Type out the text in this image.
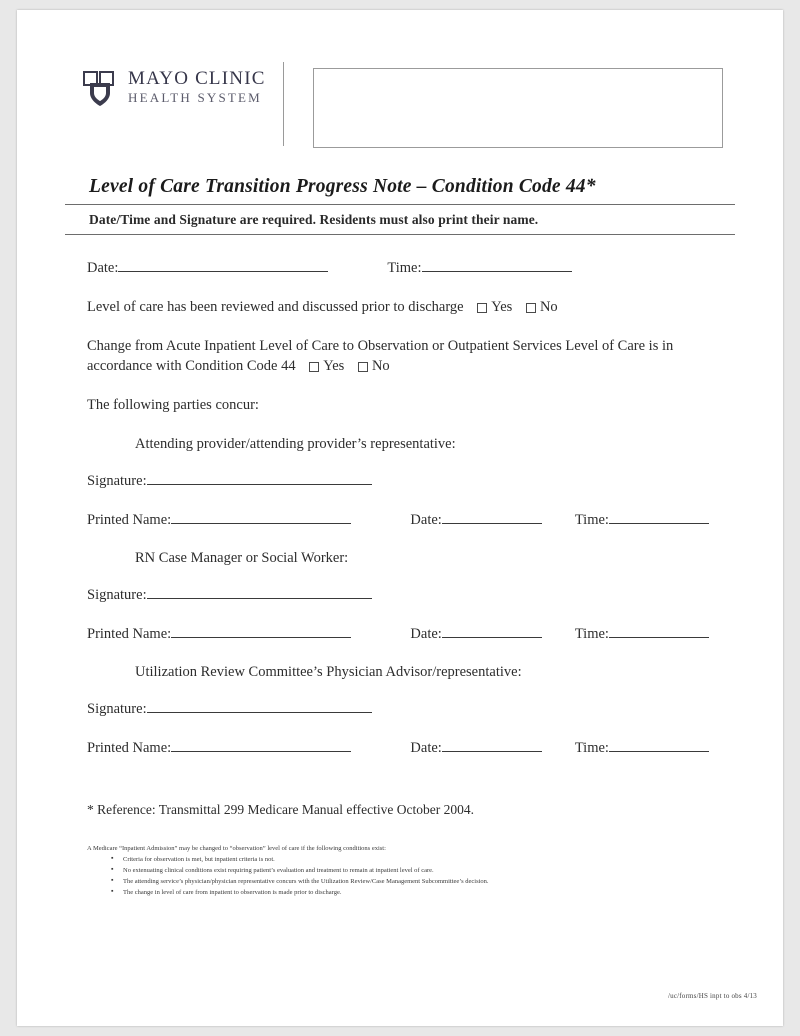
MAYO CLINIC
HEALTH SYSTEM
Level of Care Transition Progress Note – Condition Code 44*
Date/Time and Signature are required. Residents must also print their name.
Date:	Time:
Level of care has been reviewed and discussed prior to discharge Yes No
Change from Acute Inpatient Level of Care to Observation or Outpatient Services Level of Care is in
accordance with Condition Code 44 Yes No
The following parties concur:
Attending provider/attending provider’s representative:
Signature:
Printed Name:	Date:	Time:
RN Case Manager or Social Worker:
Signature:
Printed Name:	Date:	Time:
Utilization Review Committee’s Physician Advisor/representative:
Signature:
Printed Name:	Date:	Time:
* Reference: Transmittal 299 Medicare Manual effective October 2004.
A Medicare “Inpatient Admission” may be changed to “observation” level of care if the following conditions exist:
▪ Criteria for observation is met, but inpatient criteria is not.
▪ No extenuating clinical conditions exist requiring patient’s evaluation and treatment to remain at inpatient level of care.
▪ The attending service’s physician/physician representative concurs with the Utilization Review/Case Management Subcommittee’s decision.
▪ The change in level of care from inpatient to observation is made prior to discharge.
/uc/forms/HS inpt to obs 4/13
